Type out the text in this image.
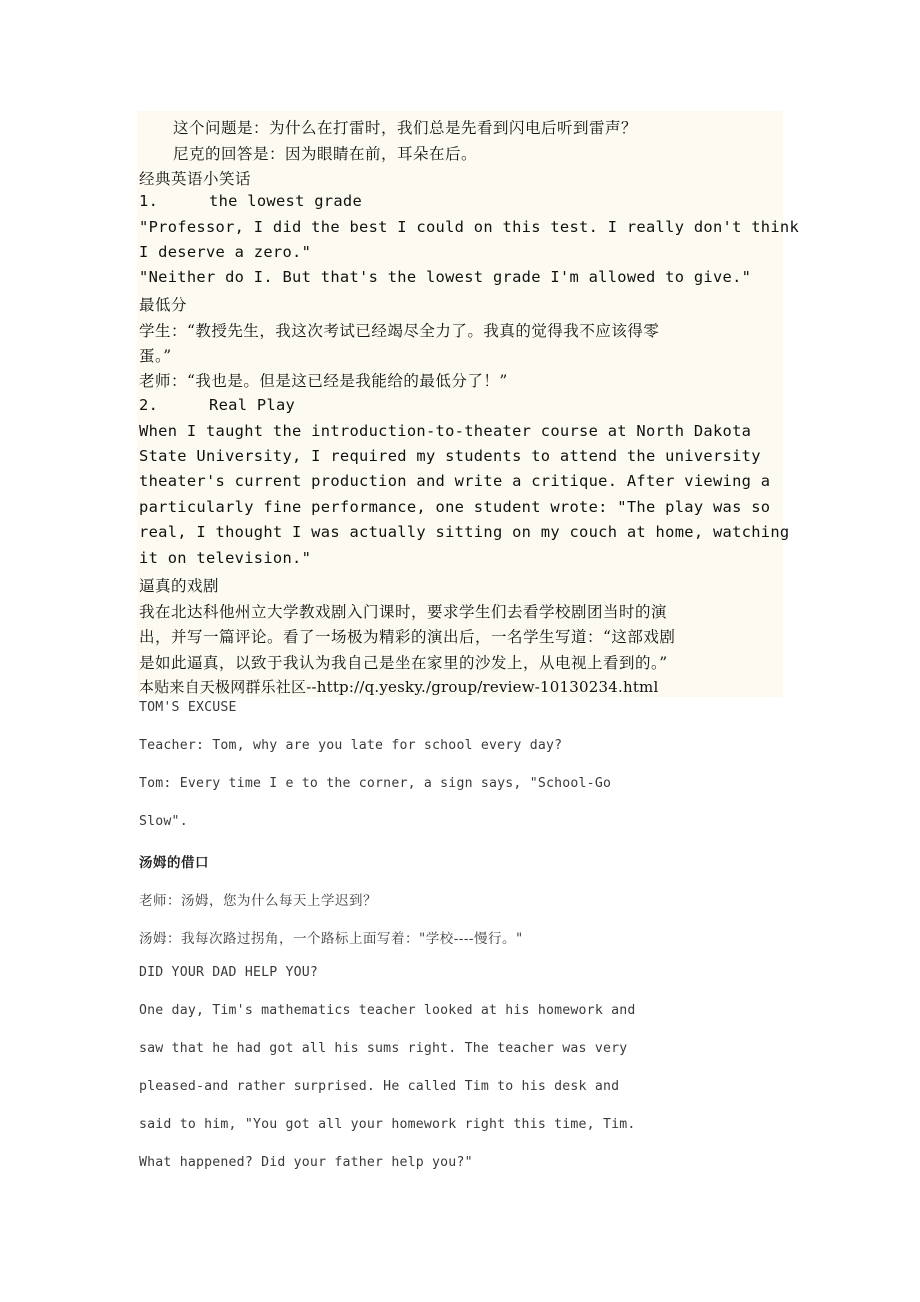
这个问题是：为什么在打雷时，我们总是先看到闪电后听到雷声？

尼克的回答是：因为眼睛在前，耳朵在后。

经典英语小笑话

1.	the lowest grade

"Professor, I did the best I could on this test. I really don't think

I deserve a zero."

"Neither do I. But that's the lowest grade I'm allowed to give."

最低分

学生：“教授先生，我这次考试已经竭尽全力了。我真的觉得我不应该得零

蛋。”

老师：“我也是。但是这已经是我能给的最低分了！”

2.	Real Play

When I taught the introduction-to-theater course at North Dakota

State University, I required my students to attend the university

theater's current production and write a critique. After viewing a

particularly fine performance, one student wrote: "The play was so

real, I thought I was actually sitting on my couch at home, watching

it on television."

逼真的戏剧

我在北达科他州立大学教戏剧入门课时，要求学生们去看学校剧团当时的演

出，并写一篇评论。看了一场极为精彩的演出后，一名学生写道：“这部戏剧

是如此逼真，以致于我认为我自己是坐在家里的沙发上，从电视上看到的。”

本贴来自天极网群乐社区--http://q.yesky./group/review-10130234.html

TOM'S EXCUSE

Teacher: Tom, why are you late for school every day?

Tom: Every time I e to the corner, a sign says, "School-Go

Slow".

汤姆的借口

老师：汤姆，您为什么每天上学迟到？

汤姆：我每次路过拐角，一个路标上面写着："学校----慢行。"

DID YOUR DAD HELP YOU?

One day, Tim's mathematics teacher looked at his homework and

saw that he had got all his sums right. The teacher was very

pleased-and rather surprised. He called Tim to his desk and

said to him, "You got all your homework right this time, Tim.

What happened? Did your father help you?"
